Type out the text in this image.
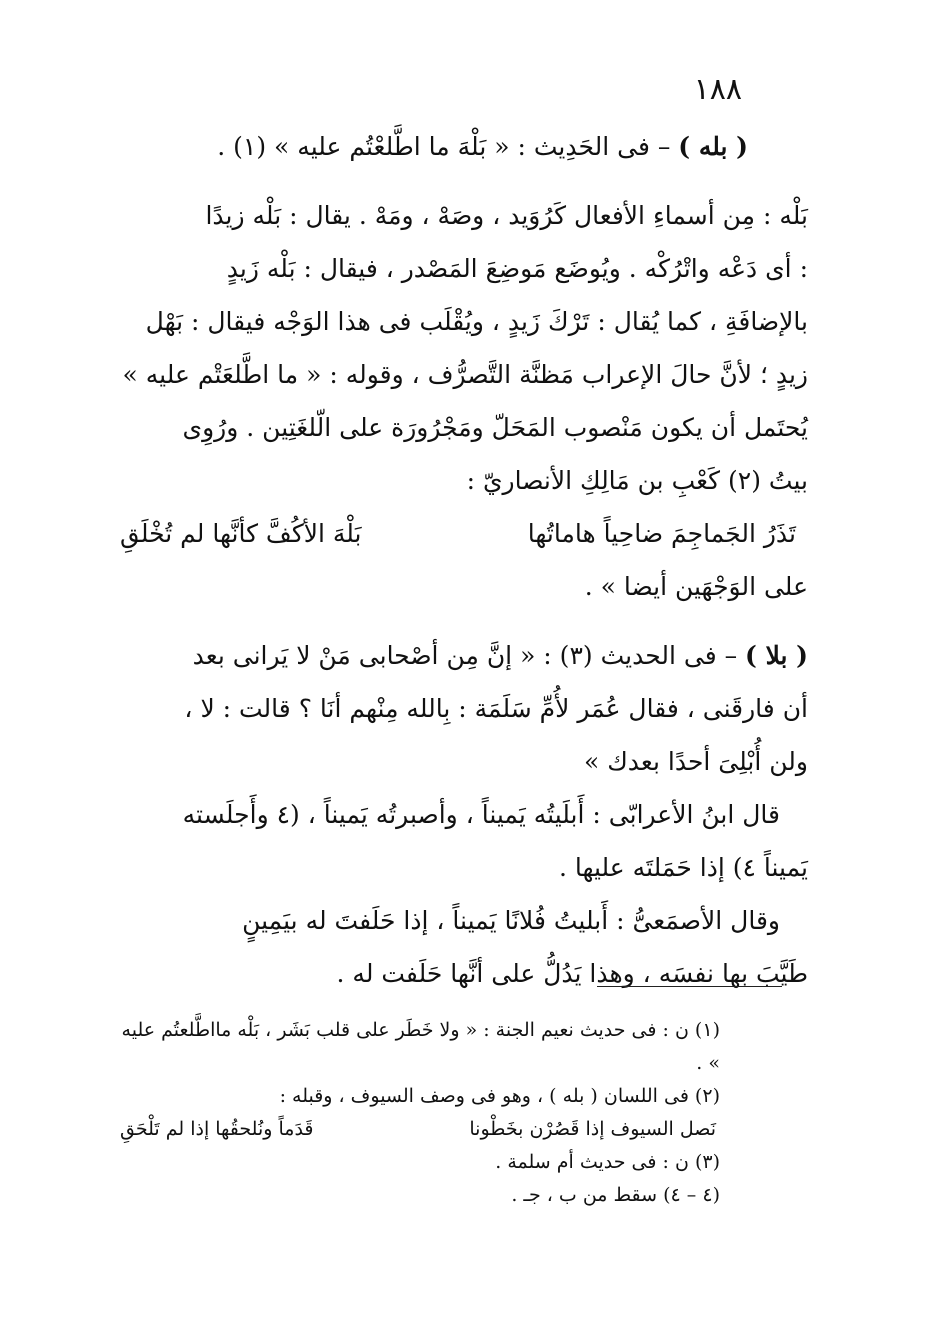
١٨٨

( بله ) – فى الحَدِيث : « بَلْهَ ما اطَّلعْتُم عليه » (١) .

بَلْه : مِن أسماءِ الأفعال كَرُوَيد ، وصَهْ ، ومَهْ . يقال : بَلْه زيدًا

: أى دَعْه واتْرُكْه . ويُوضَع مَوضِعَ المَصْدر ، فيقال : بَلْه زَيدٍ

بالإضافَةِ ، كما يُقال : تَرْكَ زَيدٍ ، ويُقْلَب فى هذا الوَجْه فيقال : بَهْل

زيدٍ ؛ لأنَّ حالَ الإعراب مَظنَّة التَّصرُّف ، وقوله : « ما اطَّلعَتْم عليه »

يُحتَمل أن يكون مَنْصوب المَحَلّ ومَجْرُورَة على الّلغَتِين . ورُوِى

بيتُ (٢) كَعْبِ بن مَالِكِ الأنصاريّ :

تَذَرُ الجَماجِمَ ضاحِياً هاماتُها
بَلْهَ الأكُفَّ كأنَّها لم تُخْلَقِ

على الوَجْهَين أيضا » .

( بلا ) – فى الحديث (٣) : « إنَّ مِن أصْحابى مَنْ لا يَرانى بعد

أن فارقَنى ، فقال عُمَر لأُمِّ سَلَمَة : بِالله مِنْهم أنَا ؟ قالت : لا ،

ولن أُبْلِىَ أحدًا بعدك »

قال ابنُ الأعرابّى : أَبلَيتُه يَميناً ، وأصبرتُه يَميناً ، (٤ وأَجلَسته

يَميناً ٤) إذا حَمَلتَه عليها .

وقال الأصمَعىُّ : أَبليتُ فُلانًا يَميناً ، إذا حَلَفتَ له بيَمِينٍ

طَيَّبَ بها نفسَه ، وهذا يَدُلُّ على أنَّها حَلَفت له .

(١) ن : فى حديث نعيم الجنة : « ولا خَطَر على قلب بَشَر ، بَلْه مااطَّلعتُم عليه » .

(٢) فى اللسان ( بله ) ، وهو فى وصف السيوف ، وقبله :

نَصل السيوف إذا قَصُرْن بخَطْونا
قَدَماً ونُلحقُها إذا لم تَلْحَقِ

(٣) ن : فى حديث أم سلمة .

(٤ – ٤) سقط من ب ، جـ .
